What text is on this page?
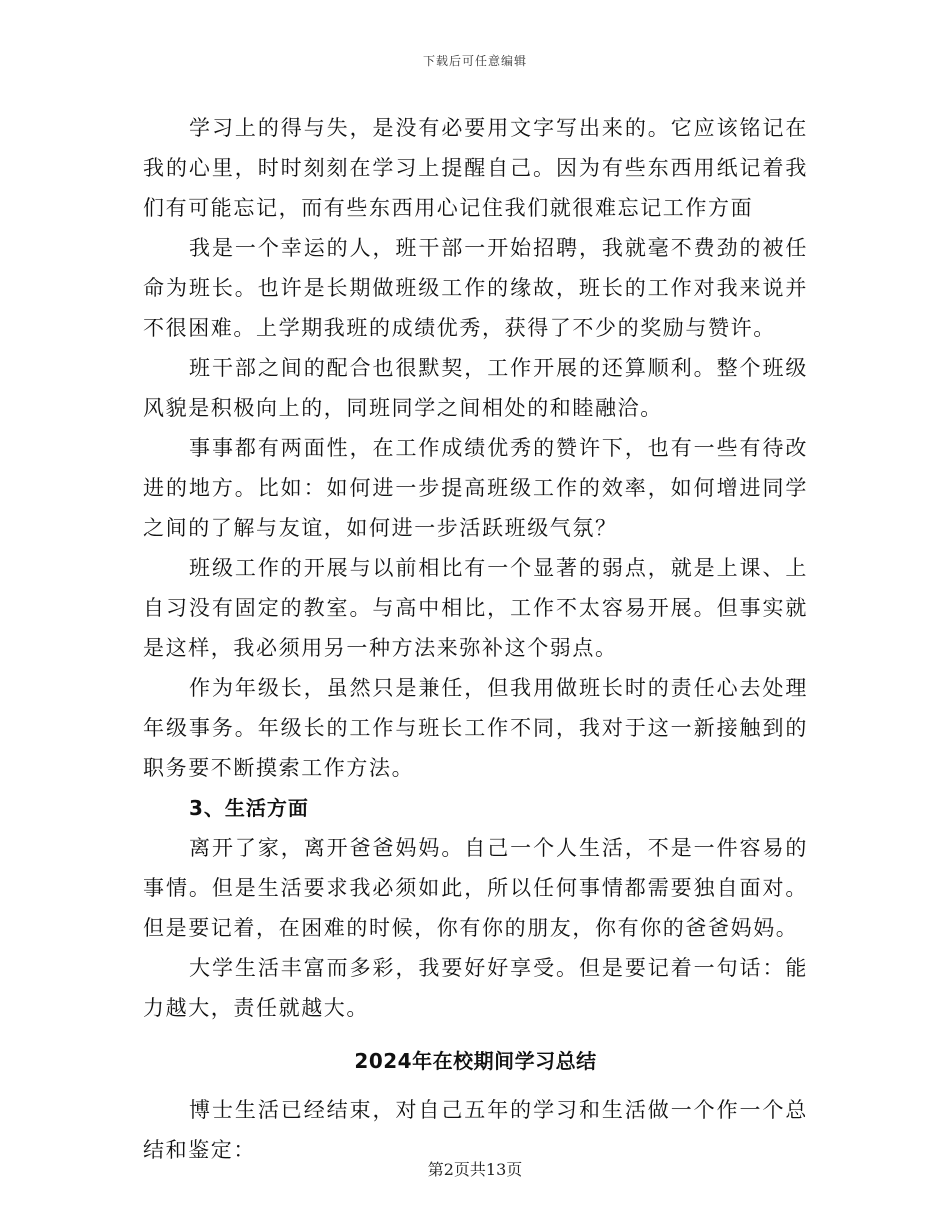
下载后可任意编辑

学习上的得与失，是没有必要用文字写出来的。它应该铭记在我的心里，时时刻刻在学习上提醒自己。因为有些东西用纸记着我们有可能忘记，而有些东西用心记住我们就很难忘记工作方面

我是一个幸运的人，班干部一开始招聘，我就毫不费劲的被任命为班长。也许是长期做班级工作的缘故，班长的工作对我来说并不很困难。上学期我班的成绩优秀，获得了不少的奖励与赞许。

班干部之间的配合也很默契，工作开展的还算顺利。整个班级风貌是积极向上的，同班同学之间相处的和睦融洽。

事事都有两面性，在工作成绩优秀的赞许下，也有一些有待改进的地方。比如：如何进一步提高班级工作的效率，如何增进同学之间的了解与友谊，如何进一步活跃班级气氛？

班级工作的开展与以前相比有一个显著的弱点，就是上课、上自习没有固定的教室。与高中相比，工作不太容易开展。但事实就是这样，我必须用另一种方法来弥补这个弱点。

作为年级长，虽然只是兼任，但我用做班长时的责任心去处理年级事务。年级长的工作与班长工作不同，我对于这一新接触到的职务要不断摸索工作方法。

3、生活方面

离开了家，离开爸爸妈妈。自己一个人生活，不是一件容易的事情。但是生活要求我必须如此，所以任何事情都需要独自面对。但是要记着，在困难的时候，你有你的朋友，你有你的爸爸妈妈。

大学生活丰富而多彩，我要好好享受。但是要记着一句话：能力越大，责任就越大。

2024年在校期间学习总结

博士生活已经结束，对自己五年的学习和生活做一个作一个总结和鉴定：

第2页共13页
